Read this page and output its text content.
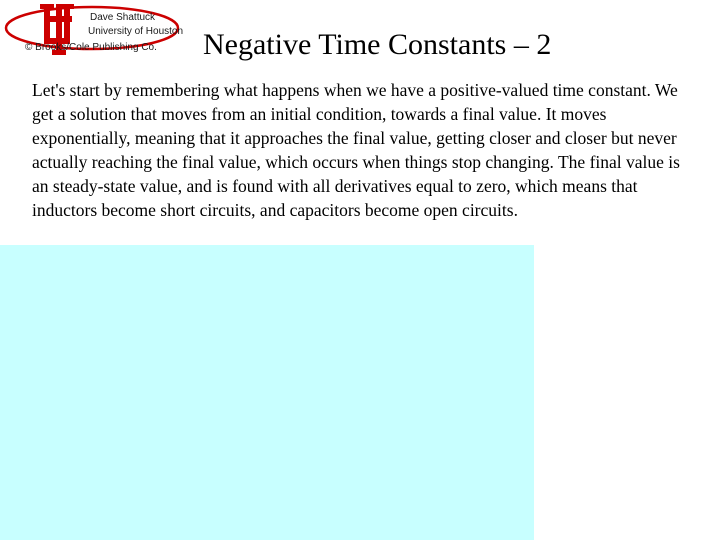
Dave Shattuck
University of Houston
© Brooks/Cole Publishing Co. Negative Time Constants – 2

Let's start by remembering what happens when we have a positive-valued time constant. We get a solution that moves from an initial condition, towards a final value. It moves exponentially, meaning that it approaches the final value, getting closer and closer but never actually reaching the final value, which occurs when things stop changing. The final value is an steady-state value, and is found with all derivatives equal to zero, which means that inductors become short circuits, and capacitors become open circuits.
